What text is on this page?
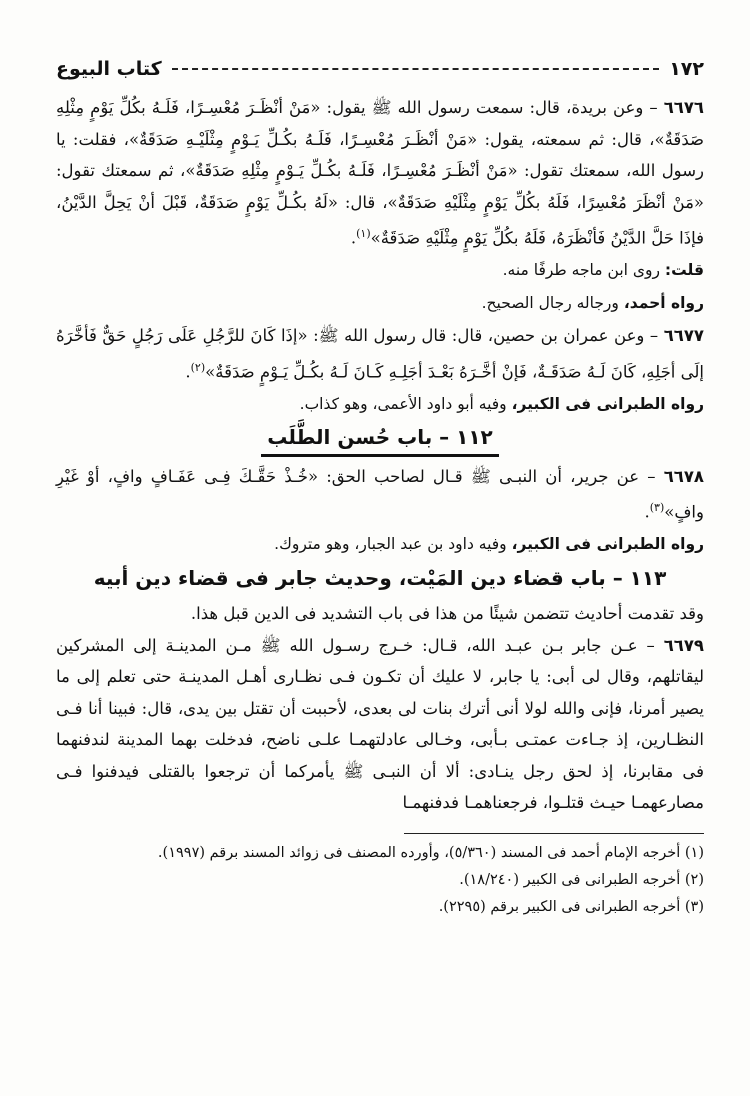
١٧٢
كتاب البيوع

٦٦٧٦ – وعن بريدة، قال: سمعت رسول الله ﷺ يقول: «مَنْ أنْظَـرَ مُعْسِـرًا، فَلَـهُ بكُلِّ يَوْمٍ مِثْلِهِ صَدَقَةٌ»، قال: ثم سمعته، يقول: «مَنْ أنْظَـرَ مُعْسِـرًا، فَلَـهُ بكُـلِّ يَـوْمٍ مِثْلَيْـهِ صَدَقَةٌ»، فقلت: يا رسول الله، سمعتك تقول: «مَنْ أنْظَـرَ مُعْسِـرًا، فَلَـهُ بكُـلِّ يَـوْمٍ مِثْلِهِ صَدَقَةٌ»، ثم سمعتك تقول: «مَنْ أنْظَرَ مُعْسِرًا، فَلَهُ بكُلِّ يَوْمٍ مِثْلَيْهِ صَدَقَةٌ»، قال: «لَهُ بكُـلِّ يَوْمٍ صَدَقَةٌ، قَبْلَ أنْ يَحِلَّ الدَّيْنُ، فإذَا حَلَّ الدَّيْنُ فَأنْظَرَهُ، فَلَهُ بكُلِّ يَوْمٍ مِثْلَيْهِ صَدَقَةٌ»$^{(١)}$.

قلت: روى ابن ماجه طرفًا منه.

رواه أحمد، ورجاله رجال الصحيح.

٦٦٧٧ – وعن عمران بن حصين، قال: قال رسول الله ﷺ: «إذَا كَانَ للرَّجُلِ عَلَى رَجُلٍ حَقٌّ فَأخَّرَهُ إلَى أجَلِهِ، كَانَ لَـهُ صَدَقَـةٌ، فَإنْ أخَّـرَهُ بَعْـدَ أجَلِـهِ كَـانَ لَـهُ بكُـلِّ يَـوْمٍ صَدَقَةٌ»$^{(٢)}$.

رواه الطبرانى فى الكبير، وفيه أبو داود الأعمى، وهو كذاب.

١١٢ – باب حُسن الطَّلَب

٦٦٧٨ – عن جرير، أن النبـى ﷺ قـال لصاحب الحق: «خُـذْ حَقَّـكَ فِـى عَفَـافٍ وافٍ، أوْ غَيْرِ وافٍ»$^{(٣)}$.

رواه الطبرانى فى الكبير، وفيه داود بن عبد الجبار، وهو متروك.

١١٣ – باب قضاء دين المَيْت، وحديث جابر فى قضاء دين أبيه

وقد تقدمت أحاديث تتضمن شيئًا من هذا فى باب التشديد فى الدين قبل هذا.

٦٦٧٩ – عـن جابر بـن عبـد الله، قـال: خـرج رسـول الله ﷺ مـن المدينـة إلى المشركين ليقاتلهم، وقال لى أبى: يا جابر، لا عليك أن تكـون فـى نظـارى أهـل المدينـة حتى تعلم إلى ما يصير أمرنا، فإنى والله لولا أنى أترك بنات لى بعدى، لأحببت أن تقتل بين يدى، قال: فبينا أنا فـى النظـارين، إذ جـاءت عمتـى بـأبى، وخـالى عادلتهمـا علـى ناضح، فدخلت بهما المدينة لندفنهما فى مقابرنا، إذ لحق رجل ينـادى: ألا أن النبـى ﷺ يأمركما أن ترجعوا بالقتلى فيدفنوا فـى مصارعهمـا حيـث قتلـوا، فرجعناهمـا فدفنهمـا

(١) أخرجه الإمام أحمد فى المسند (٥/٣٦٠)، وأورده المصنف فى زوائد المسند برقم (١٩٩٧).
(٢) أخرجه الطبرانى فى الكبير (١٨/٢٤٠).
(٣) أخرجه الطبرانى فى الكبير برقم (٢٢٩٥).
